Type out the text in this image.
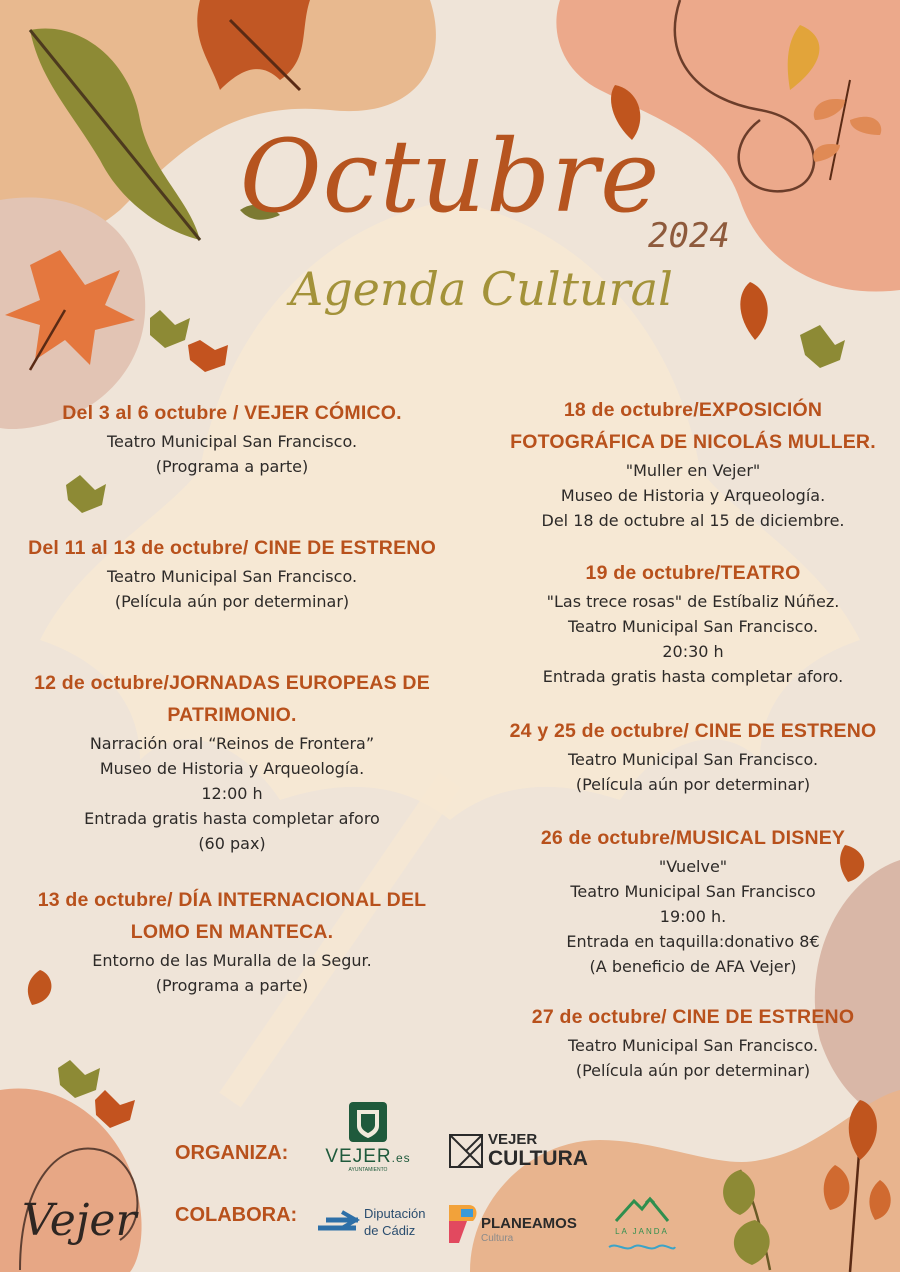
Octubre
2024
Agenda Cultural
Del 3 al 6 octubre / VEJER CÓMICO.
Teatro Municipal San Francisco.
(Programa a parte)
Del 11 al 13 de octubre/ CINE DE ESTRENO
Teatro Municipal San Francisco.
(Película aún por determinar)
12 de octubre/JORNADAS EUROPEAS DE
PATRIMONIO.
Narración oral “Reinos de Frontera”
Museo de Historia y Arqueología.
12:00 h
Entrada gratis hasta completar aforo
(60 pax)
13 de octubre/ DÍA INTERNACIONAL DEL
LOMO EN MANTECA.
Entorno de las Muralla de la Segur.
(Programa a parte)
18 de octubre/EXPOSICIÓN
FOTOGRÁFICA DE NICOLÁS MULLER.
"Muller en Vejer"
Museo de Historia y Arqueología.
Del 18 de octubre al 15 de diciembre.
19 de octubre/TEATRO
"Las trece rosas" de Estíbaliz Núñez.
Teatro Municipal San Francisco.
20:30 h
Entrada gratis hasta completar aforo.
24 y 25 de octubre/ CINE DE ESTRENO
Teatro Municipal San Francisco.
(Película aún por determinar)
26 de octubre/MUSICAL DISNEY
"Vuelve"
Teatro Municipal San Francisco
19:00 h.
Entrada en taquilla:donativo 8€
(A beneficio de AFA Vejer)
27 de octubre/ CINE DE ESTRENO
Teatro Municipal San Francisco.
(Película aún por determinar)
ORGANIZA:
COLABORA:
VEJER.es
AYUNTAMIENTO
VEJER
CULTURA
Diputación
de Cádiz	PLANEAMOS
Cultura
LA JANDA
Vejer
